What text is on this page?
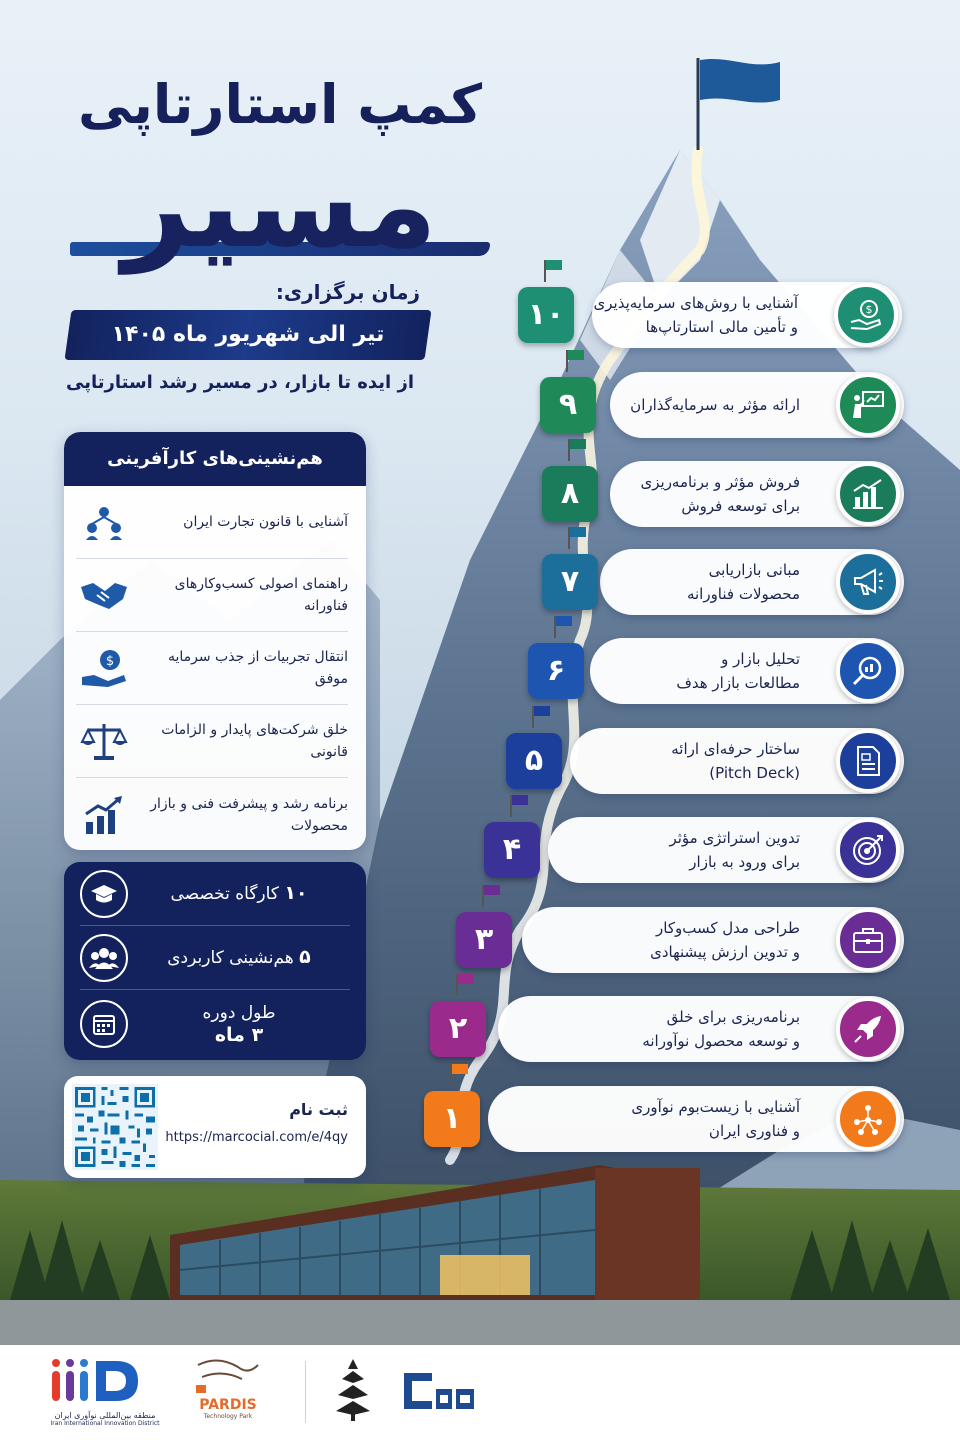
کمپ استارتاپی
مسیر
زمان برگزاری:
تیر الی شهریور ماه ۱۴۰۵
از ایده تا بازار، در مسیر رشد استارتاپی
هم‌نشینی‌های کارآفرینی
آشنایی با قانون تجارت ایران
راهنمای اصولی کسب‌وکارهای فناورانه
انتقال تجربیات از جذب سرمایه موفق
$
خلق شرکت‌های پایدار و الزامات قانونی
برنامه رشد و پیشرفت فنی و بازار محصولات
۱۰ کارگاه تخصصی
۵ هم‌نشینی کاربردی
طول دوره
۳ ماه
ثبت نام
https://marcocial.com/e/4qy
آشنایی با روش‌های سرمایه‌پذیری
و تأمین مالی استارتاپ‌ها
$
۱۰
ارائه مؤثر به سرمایه‌گذاران
۹
فروش مؤثر و برنامه‌ریزی
برای توسعه فروش
۸
مبانی بازاریابی
محصولات فناورانه
۷
تحلیل بازار و
مطالعات بازار هدف
۶
ساختار حرفه‌ای ارائه
(Pitch Deck)
۵
تدوین استراتژی مؤثر
برای ورود به بازار
۴
طراحی مدل کسب‌وکار
و تدوین ارزش پیشنهادی
۳
برنامه‌ریزی برای خلق
و توسعه محصول نوآورانه
۲
آشنایی با زیست‌بوم نوآوری
و فناوری ایران
۱
منطقه بین‌المللی نوآوری ایران
Iran International Innovation District
PARDIS
Technology Park
